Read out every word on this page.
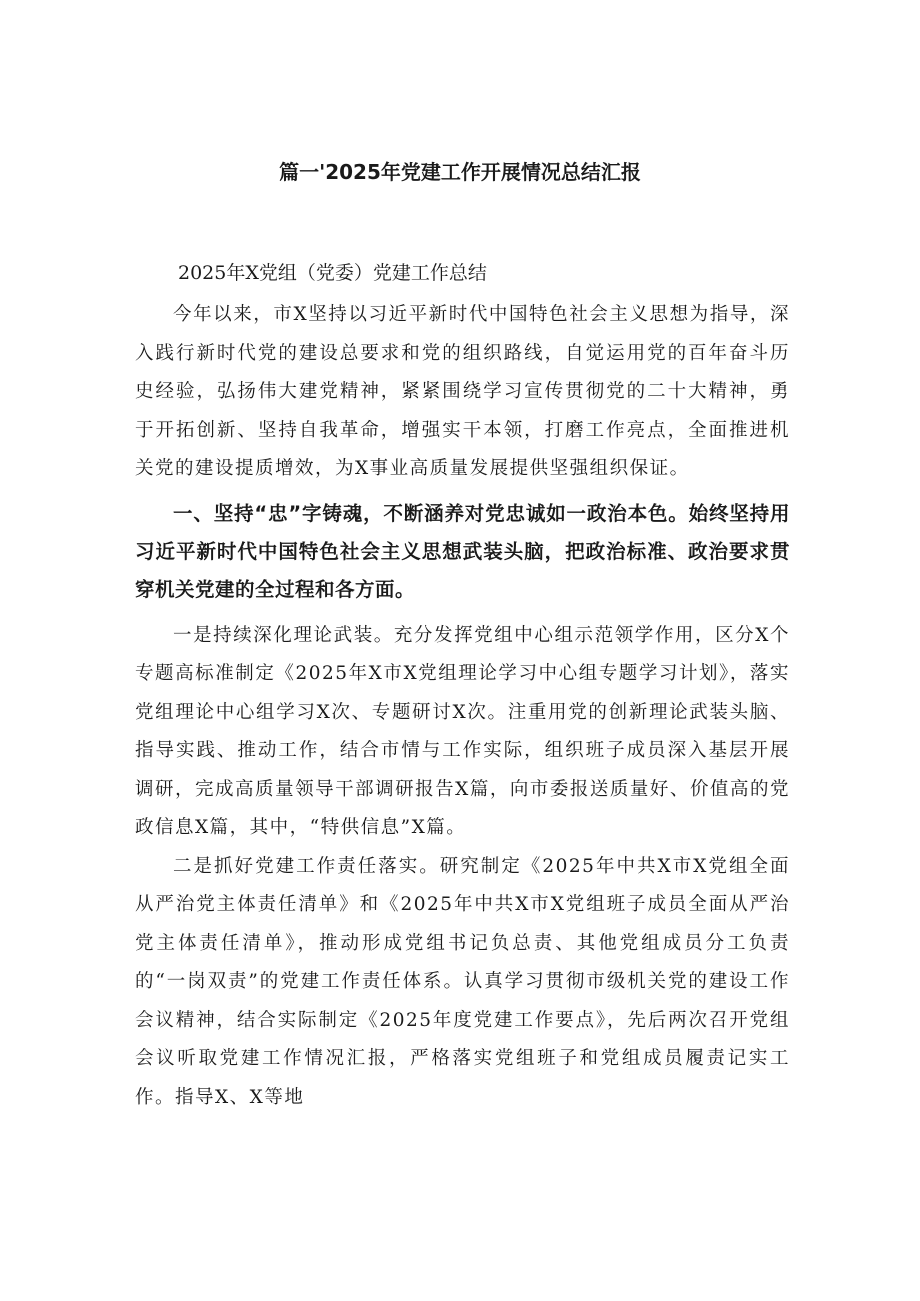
篇一'2025年党建工作开展情况总结汇报
2025年X党组（党委）党建工作总结

今年以来，市X坚持以习近平新时代中国特色社会主义思想为指导，深入践行新时代党的建设总要求和党的组织路线，自觉运用党的百年奋斗历史经验，弘扬伟大建党精神，紧紧围绕学习宣传贯彻党的二十大精神，勇于开拓创新、坚持自我革命，增强实干本领，打磨工作亮点，全面推进机关党的建设提质增效，为X事业高质量发展提供坚强组织保证。

一、坚持“忠”字铸魂，不断涵养对党忠诚如一政治本色。始终坚持用习近平新时代中国特色社会主义思想武装头脑，把政治标准、政治要求贯穿机关党建的全过程和各方面。

一是持续深化理论武装。充分发挥党组中心组示范领学作用，区分X个专题高标准制定《2025年X市X党组理论学习中心组专题学习计划》，落实党组理论中心组学习X次、专题研讨X次。注重用党的创新理论武装头脑、指导实践、推动工作，结合市情与工作实际，组织班子成员深入基层开展调研，完成高质量领导干部调研报告X篇，向市委报送质量好、价值高的党政信息X篇，其中，“特供信息”X篇。

二是抓好党建工作责任落实。研究制定《2025年中共X市X党组全面从严治党主体责任清单》和《2025年中共X市X党组班子成员全面从严治党主体责任清单》，推动形成党组书记负总责、其他党组成员分工负责的“一岗双责”的党建工作责任体系。认真学习贯彻市级机关党的建设工作会议精神，结合实际制定《2025年度党建工作要点》，先后两次召开党组会议听取党建工作情况汇报，严格落实党组班子和党组成员履责记实工作。指导X、X等地
